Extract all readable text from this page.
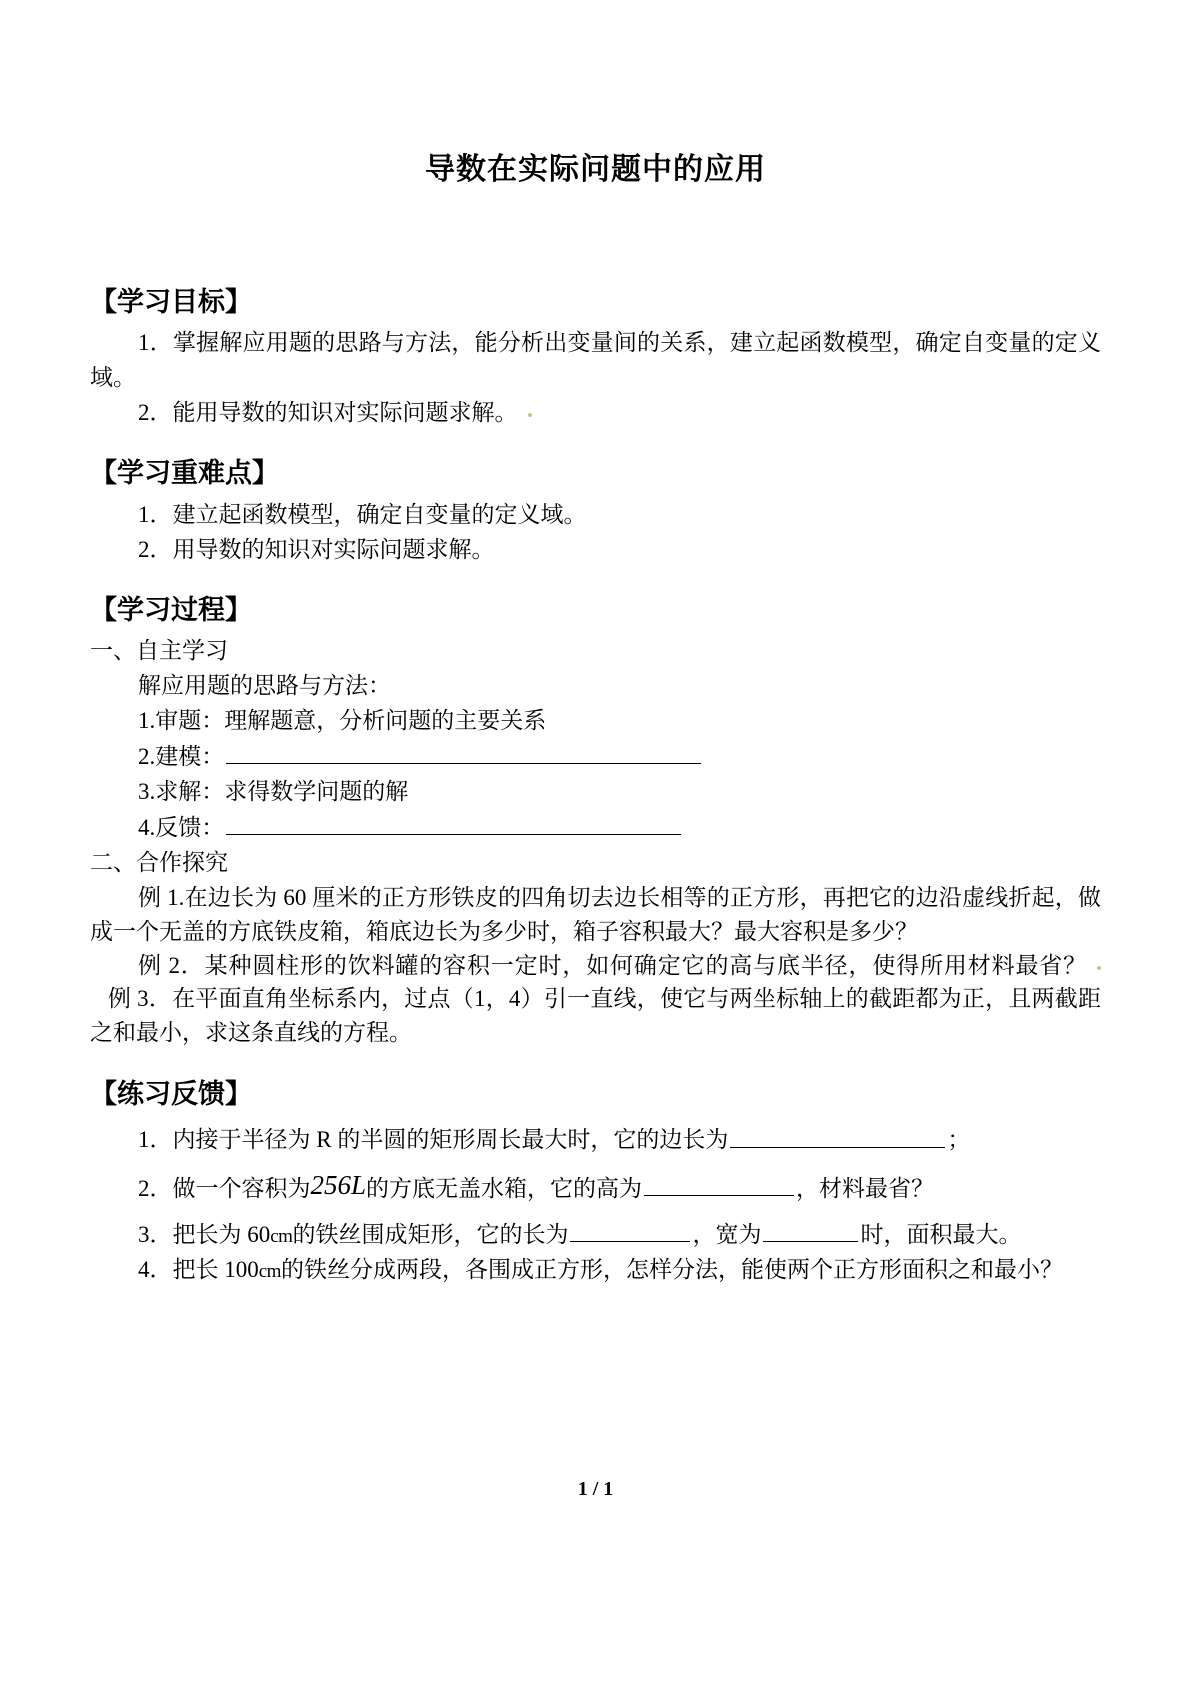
导数在实际问题中的应用
【学习目标】

1．掌握解应用题的思路与方法，能分析出变量间的关系，建立起函数模型，确定自变量的定义域。

2．能用导数的知识对实际问题求解。

【学习重难点】

1．建立起函数模型，确定自变量的定义域。

2．用导数的知识对实际问题求解。

【学习过程】

一、自主学习

解应用题的思路与方法：

1.审题：理解题意，分析问题的主要关系

2.建模：

3.求解：求得数学问题的解

4.反馈：

二、合作探究

例 1.在边长为 60 厘米的正方形铁皮的四角切去边长相等的正方形，再把它的边沿虚线折起，做成一个无盖的方底铁皮箱，箱底边长为多少时，箱子容积最大？最大容积是多少？

例 2．某种圆柱形的饮料罐的容积一定时，如何确定它的高与底半径，使得所用材料最省？   例 3．在平面直角坐标系内，过点（1，4）引一直线，使它与两坐标轴上的截距都为正，且两截距之和最小，求这条直线的方程。

【练习反馈】

1．内接于半径为 R 的半圆的矩形周长最大时，它的边长为	；

2．做一个容积为256L的方底无盖水箱，它的高为	，材料最省？

3．把长为 60cm的铁丝围成矩形，它的长为	，宽为	时，面积最大。

4．把长 100cm的铁丝分成两段，各围成正方形，怎样分法，能使两个正方形面积之和最小？

1 / 1
